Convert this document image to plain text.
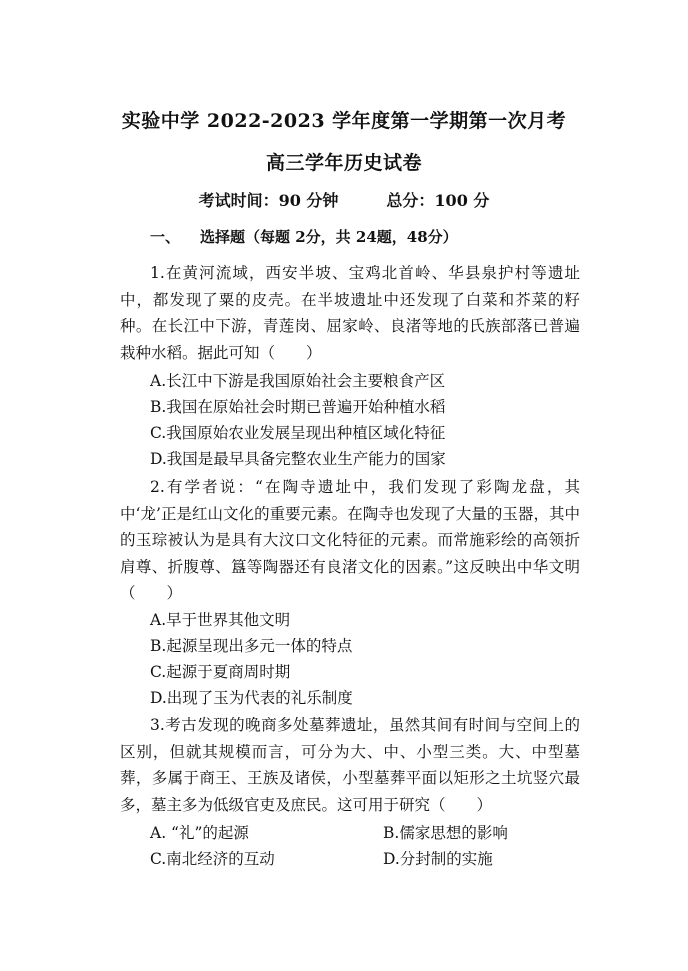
实验中学 2022-2023 学年度第一学期第一次月考
高三学年历史试卷
考试时间：90 分钟	总分：100 分
一、 选择题（每题 2分，共 24题，48分）

1.在黄河流域，西安半坡、宝鸡北首岭、华县泉护村等遗址中，都发现了粟的皮壳。在半坡遗址中还发现了白菜和芥菜的籽种。在长江中下游，青莲岗、屈家岭、良渚等地的氏族部落已普遍栽种水稻。据此可知（　　）

A.长江中下游是我国原始社会主要粮食产区
B.我国在原始社会时期已普遍开始种植水稻
C.我国原始农业发展呈现出种植区域化特征
D.我国是最早具备完整农业生产能力的国家

2.有学者说：“在陶寺遗址中，我们发现了彩陶龙盘，其中‘龙’正是红山文化的重要元素。在陶寺也发现了大量的玉器，其中的玉琮被认为是具有大汶口文化特征的元素。而常施彩绘的高领折肩尊、折腹尊、簋等陶器还有良渚文化的因素。”这反映出中华文明（　　）

A.早于世界其他文明
B.起源呈现出多元一体的特点
C.起源于夏商周时期
D.出现了玉为代表的礼乐制度

3.考古发现的晚商多处墓葬遗址，虽然其间有时间与空间上的区别，但就其规模而言，可分为大、中、小型三类。大、中型墓葬，多属于商王、王族及诸侯，小型墓葬平面以矩形之土坑竖穴最多，墓主多为低级官吏及庶民。这可用于研究（　　）

A. “礼”的起源	B.儒家思想的影响
C.南北经济的互动	D.分封制的实施
